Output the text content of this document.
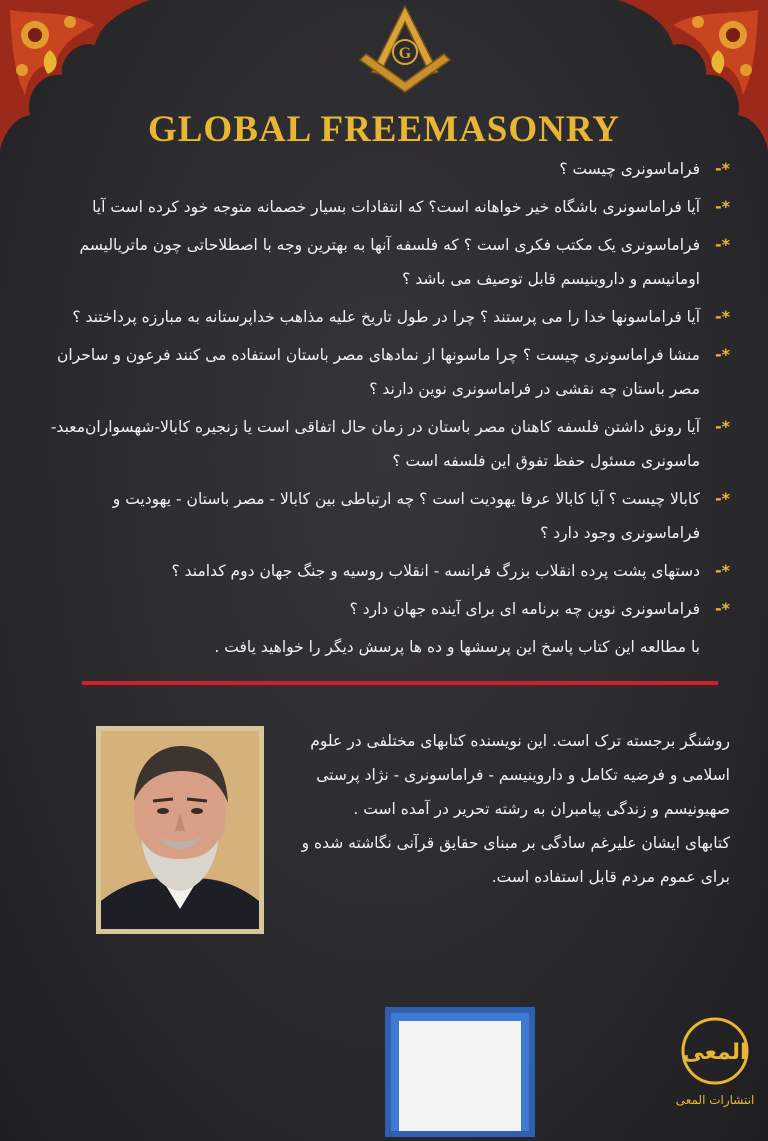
G
GLOBAL FREEMASONRY
*-
فراماسونری چیست ؟
*-
آیا فراماسونری باشگاه خیر خواهانه است؟ که انتقادات بسیار خصمانه متوجه خود کرده است آیا
*-
فراماسونری یک مکتب فکری است ؟ که فلسفه آنها به بهترین وجه با اصطلاحاتی چون ماتریالیسم
اومانیسم و داروینیسم قابل توصیف می باشد ؟
*-
آیا فراماسونها خدا را می پرستند ؟ چرا در طول تاریخ علیه مذاهب خداپرستانه به مبارزه پرداختند ؟
*-
منشا فراماسونری چیست ؟ چرا ماسونها از نمادهای مصر باستان استفاده می کنند فرعون و ساحران
مصر باستان چه نقشی در فراماسونری نوین دارند ؟
*-
آیا رونق داشتن فلسفه کاهنان مصر باستان در زمان حال اتفاقی است یا زنجیره کابالا-شهسواران‌معبد-
ماسونری مسئول حفظ تفوق این فلسفه است ؟
*-
کابالا چیست ؟ آیا کابالا عرفا یهودیت است ؟ چه ارتباطی بین کابالا - مصر باستان - یهودیت و
فراماسونری وجود دارد ؟
*-
دستهای پشت پرده انقلاب بزرگ فرانسه - انقلاب روسیه و جنگ جهان دوم کدامند ؟
*-
فراماسونری نوین چه برنامه ای برای آینده جهان دارد ؟
با مطالعه این کتاب پاسخ این پرسشها و ده ها پرسش دیگر را خواهید یافت .
روشنگر برجسته ترک است. این نویسنده کتابهای مختلفی در علوم
اسلامی و فرضیه تکامل و داروینیسم - فراماسونری - نژاد پرستی
صهیونیسم و زندگی پیامبران به رشته تحریر در آمده است .
کتابهای ایشان علیرغم سادگی بر مبنای حقایق قرآنی نگاشته شده و
برای عموم مردم قابل استفاده است.
المعی
انتشارات المعی
